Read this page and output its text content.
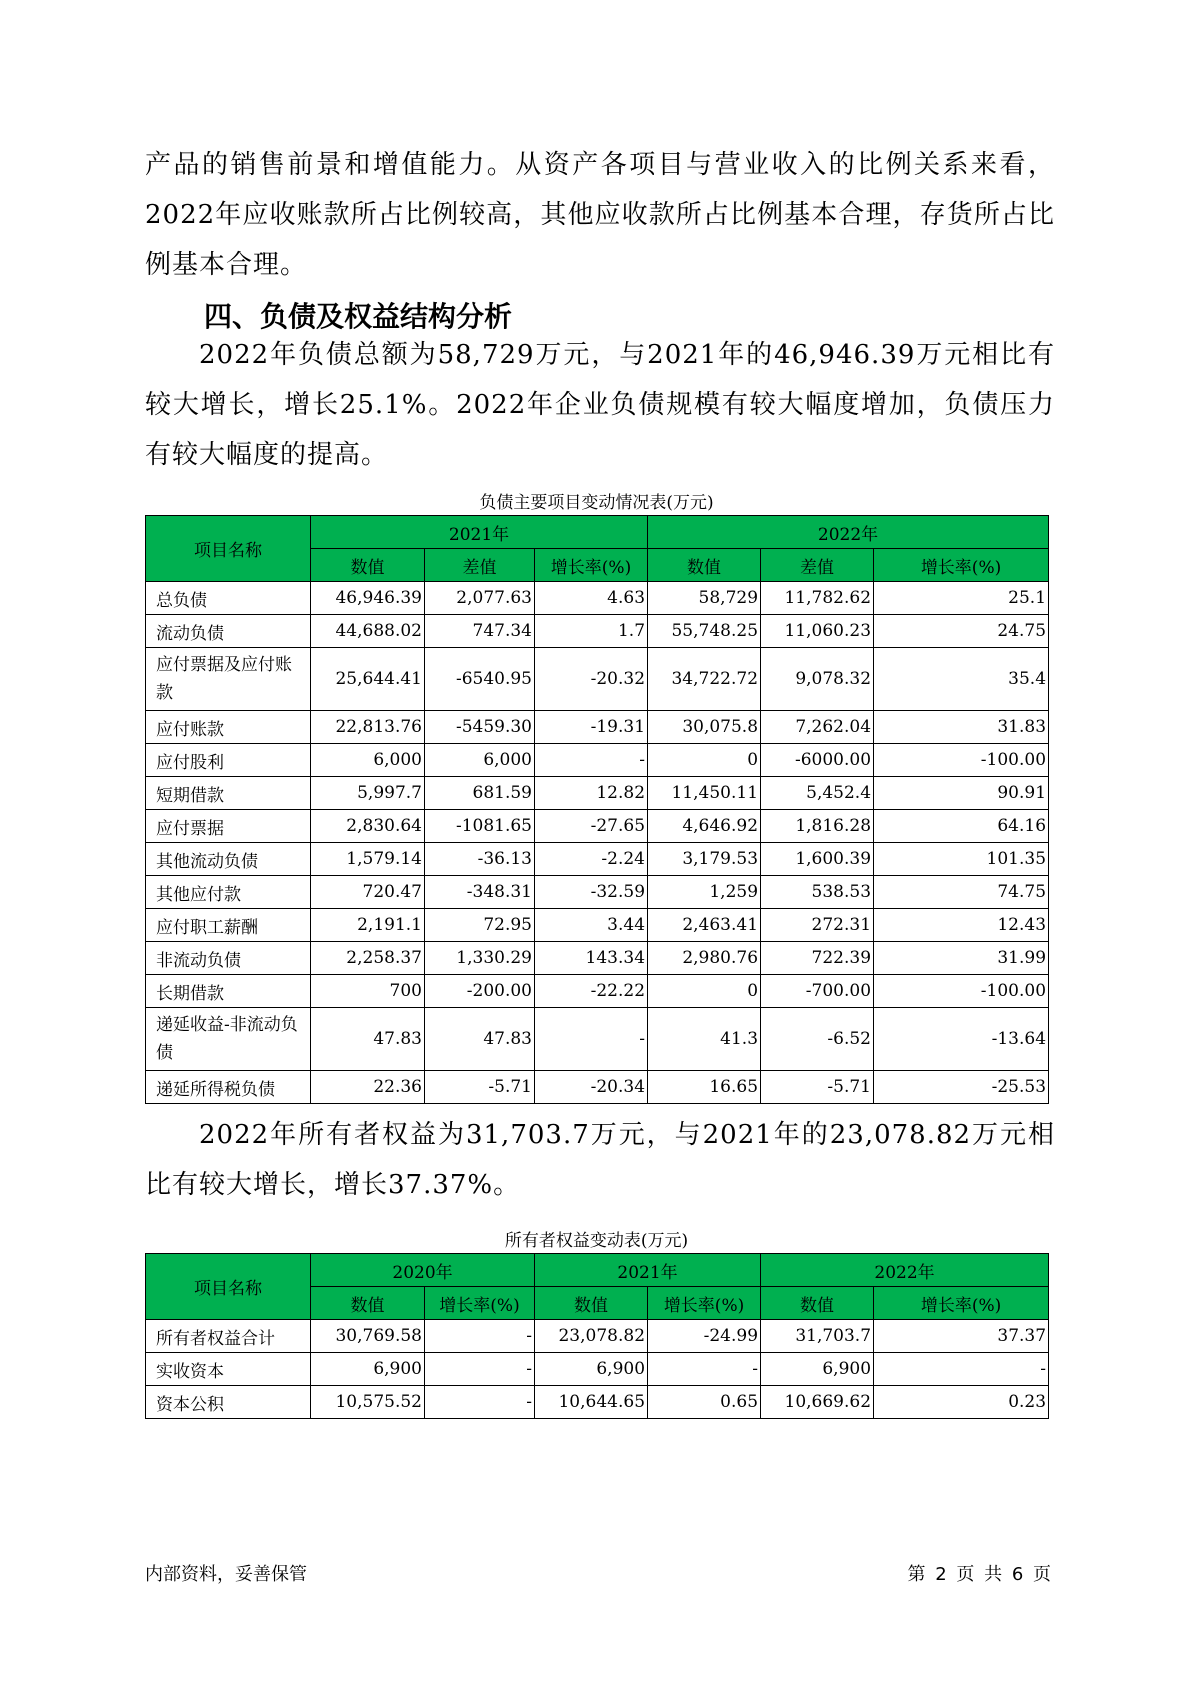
产品的销售前景和增值能力。从资产各项目与营业收入的比例关系来看，2022年应收账款所占比例较高，其他应收款所占比例基本合理，存货所占比例基本合理。

四、负债及权益结构分析

2022年负债总额为58,729万元，与2021年的46,946.39万元相比有较大增长，增长25.1%。2022年企业负债规模有较大幅度增加，负债压力有较大幅度的提高。

负债主要项目变动情况表(万元)
项目名称	2021年			2022年		
	数值	差值	增长率(%)	数值	差值	增长率(%)
总负债	46,946.39	2,077.63	4.63	58,729	11,782.62	25.1
流动负债	44,688.02	747.34	1.7	55,748.25	11,060.23	24.75
应付票据及应付账款	25,644.41	-6540.95	-20.32	34,722.72	9,078.32	35.4
应付账款	22,813.76	-5459.30	-19.31	30,075.8	7,262.04	31.83
应付股利	6,000	6,000	-	0	-6000.00	-100.00
短期借款	5,997.7	681.59	12.82	11,450.11	5,452.4	90.91
应付票据	2,830.64	-1081.65	-27.65	4,646.92	1,816.28	64.16
其他流动负债	1,579.14	-36.13	-2.24	3,179.53	1,600.39	101.35
其他应付款	720.47	-348.31	-32.59	1,259	538.53	74.75
应付职工薪酬	2,191.1	72.95	3.44	2,463.41	272.31	12.43
非流动负债	2,258.37	1,330.29	143.34	2,980.76	722.39	31.99
长期借款	700	-200.00	-22.22	0	-700.00	-100.00
递延收益-非流动负债	47.83	47.83	-	41.3	-6.52	-13.64
递延所得税负债	22.36	-5.71	-20.34	16.65	-5.71	-25.53

2022年所有者权益为31,703.7万元，与2021年的23,078.82万元相比有较大增长，增长37.37%。

所有者权益变动表(万元)
项目名称	2020年		2021年		2022年	
	数值	增长率(%)	数值	增长率(%)	数值	增长率(%)
所有者权益合计	30,769.58	-	23,078.82	-24.99	31,703.7	37.37
实收资本	6,900	-	6,900	-	6,900	-
资本公积	10,575.52	-	10,644.65	0.65	10,669.62	0.23
内部资料，妥善保管	第 2 页 共 6 页
